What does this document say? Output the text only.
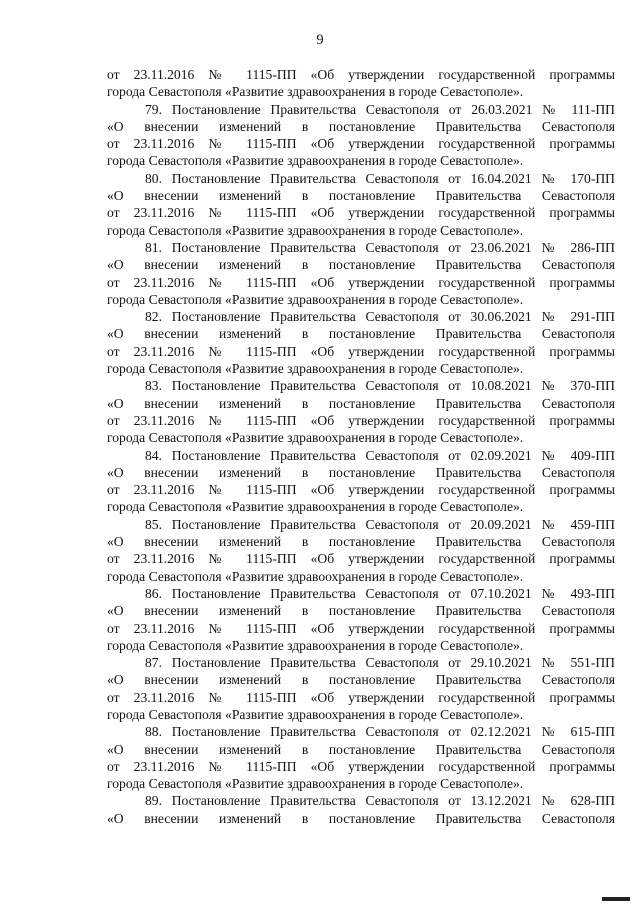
9

от 23.11.2016 № 1115-ПП «Об утверждении государственной программы
города Севастополя «Развитие здравоохранения в городе Севастополе».

79. Постановление Правительства Севастополя от 26.03.2021 № 111-ПП
«О внесении изменений в постановление Правительства Севастополя
от 23.11.2016 № 1115-ПП «Об утверждении государственной программы
города Севастополя «Развитие здравоохранения в городе Севастополе».

80. Постановление Правительства Севастополя от 16.04.2021 № 170-ПП
«О внесении изменений в постановление Правительства Севастополя
от 23.11.2016 № 1115-ПП «Об утверждении государственной программы
города Севастополя «Развитие здравоохранения в городе Севастополе».

81. Постановление Правительства Севастополя от 23.06.2021 № 286-ПП
«О внесении изменений в постановление Правительства Севастополя
от 23.11.2016 № 1115-ПП «Об утверждении государственной программы
города Севастополя «Развитие здравоохранения в городе Севастополе».

82. Постановление Правительства Севастополя от 30.06.2021 № 291-ПП
«О внесении изменений в постановление Правительства Севастополя
от 23.11.2016 № 1115-ПП «Об утверждении государственной программы
города Севастополя «Развитие здравоохранения в городе Севастополе».

83. Постановление Правительства Севастополя от 10.08.2021 № 370-ПП
«О внесении изменений в постановление Правительства Севастополя
от 23.11.2016 № 1115-ПП «Об утверждении государственной программы
города Севастополя «Развитие здравоохранения в городе Севастополе».

84. Постановление Правительства Севастополя от 02.09.2021 № 409-ПП
«О внесении изменений в постановление Правительства Севастополя
от 23.11.2016 № 1115-ПП «Об утверждении государственной программы
города Севастополя «Развитие здравоохранения в городе Севастополе».

85. Постановление Правительства Севастополя от 20.09.2021 № 459-ПП
«О внесении изменений в постановление Правительства Севастополя
от 23.11.2016 № 1115-ПП «Об утверждении государственной программы
города Севастополя «Развитие здравоохранения в городе Севастополе».

86. Постановление Правительства Севастополя от 07.10.2021 № 493-ПП
«О внесении изменений в постановление Правительства Севастополя
от 23.11.2016 № 1115-ПП «Об утверждении государственной программы
города Севастополя «Развитие здравоохранения в городе Севастополе».

87. Постановление Правительства Севастополя от 29.10.2021 № 551-ПП
«О внесении изменений в постановление Правительства Севастополя
от 23.11.2016 № 1115-ПП «Об утверждении государственной программы
города Севастополя «Развитие здравоохранения в городе Севастополе».

88. Постановление Правительства Севастополя от 02.12.2021 № 615-ПП
«О внесении изменений в постановление Правительства Севастополя
от 23.11.2016 № 1115-ПП «Об утверждении государственной программы
города Севастополя «Развитие здравоохранения в городе Севастополе».

89. Постановление Правительства Севастополя от 13.12.2021 № 628-ПП
«О внесении изменений в постановление Правительства Севастополя
